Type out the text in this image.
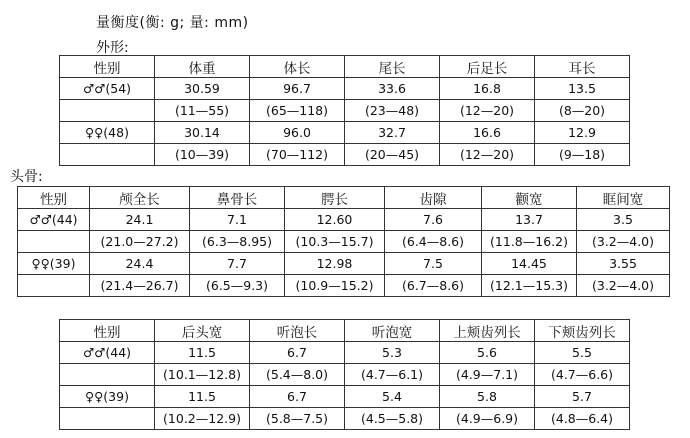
量衡度(衡: g; 量: mm)
外形:
性别	体重	体长	尾长	后足长	耳长
♂♂(54)	30.59	96.7	33.6	16.8	13.5
	(11—55)	(65—118)	(23—48)	(12—20)	(8—20)
♀♀(48)	30.14	96.0	32.7	16.6	12.9
	(10—39)	(70—112)	(20—45)	(12—20)	(9—18)
头骨:
性别	颅全长	鼻骨长	腭长	齿隙	颧宽	眶间宽
♂♂(44)	24.1	7.1	12.60	7.6	13.7	3.5
	(21.0—27.2)	(6.3—8.95)	(10.3—15.7)	(6.4—8.6)	(11.8—16.2)	(3.2—4.0)
♀♀(39)	24.4	7.7	12.98	7.5	14.45	3.55
	(21.4—26.7)	(6.5—9.3)	(10.9—15.2)	(6.7—8.6)	(12.1—15.3)	(3.2—4.0)
性别	后头宽	听泡长	听泡宽	上颊齿列长	下颊齿列长
♂♂(44)	11.5	6.7	5.3	5.6	5.5
	(10.1—12.8)	(5.4—8.0)	(4.7—6.1)	(4.9—7.1)	(4.7—6.6)
♀♀(39)	11.5	6.7	5.4	5.8	5.7
	(10.2—12.9)	(5.8—7.5)	(4.5—5.8)	(4.9—6.9)	(4.8—6.4)
